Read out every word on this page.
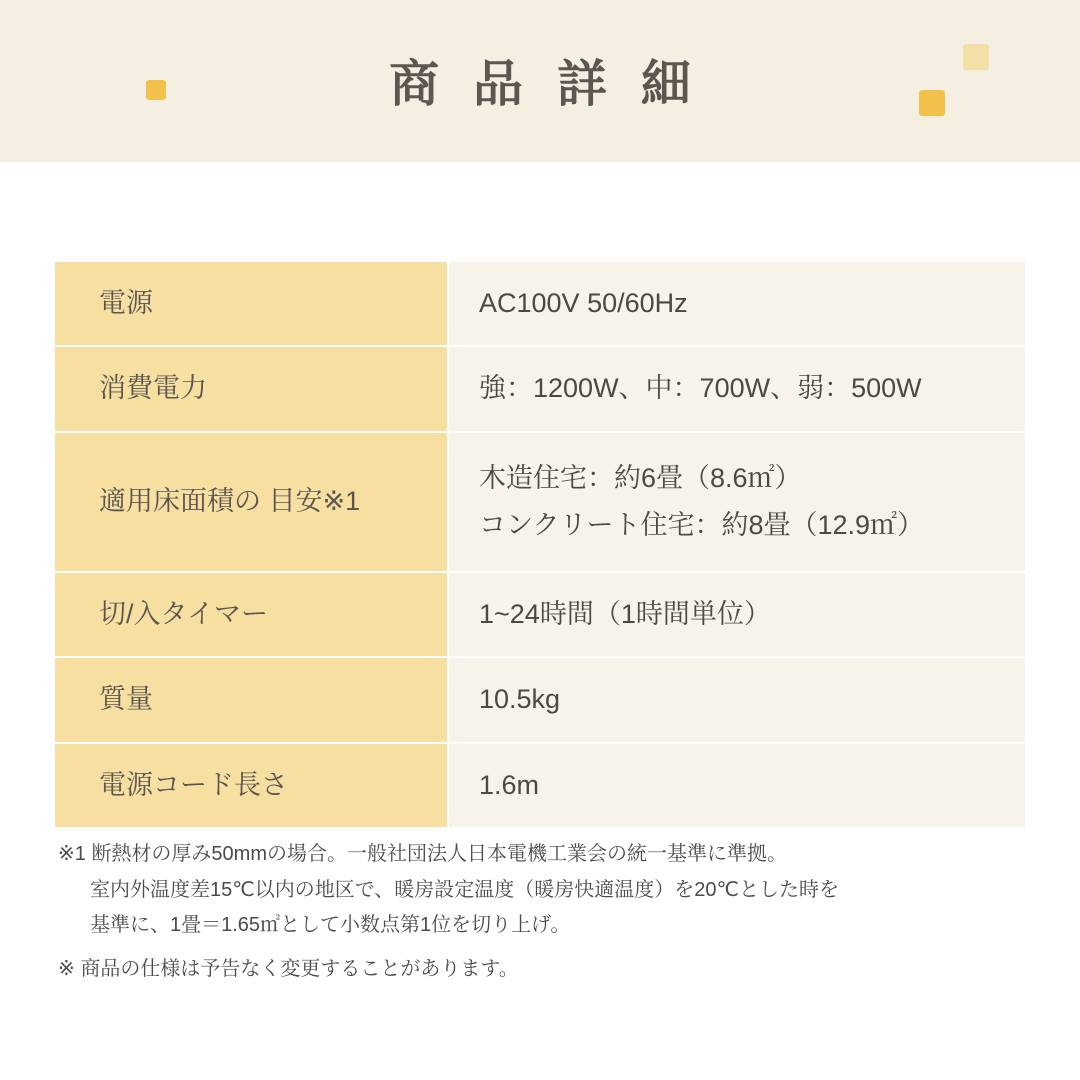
商 品 詳 細
電源	AC100V 50/60Hz

消費電力	強：1200W、中：700W、弱：500W

適用床面積の 目安※1	木造住宅：約6畳（8.6㎡）
コンクリート住宅：約8畳（12.9㎡）

切/入タイマー	1~24時間（1時間単位）

質量	10.5kg

電源コード長さ	1.6m
※1 断熱材の厚み50mmの場合。一般社団法人日本電機工業会の統一基準に準拠。
室内外温度差15℃以内の地区で、暖房設定温度（暖房快適温度）を20℃とした時を
基準に、1畳＝1.65㎡として小数点第1位を切り上げ。
※ 商品の仕様は予告なく変更することがあります。
